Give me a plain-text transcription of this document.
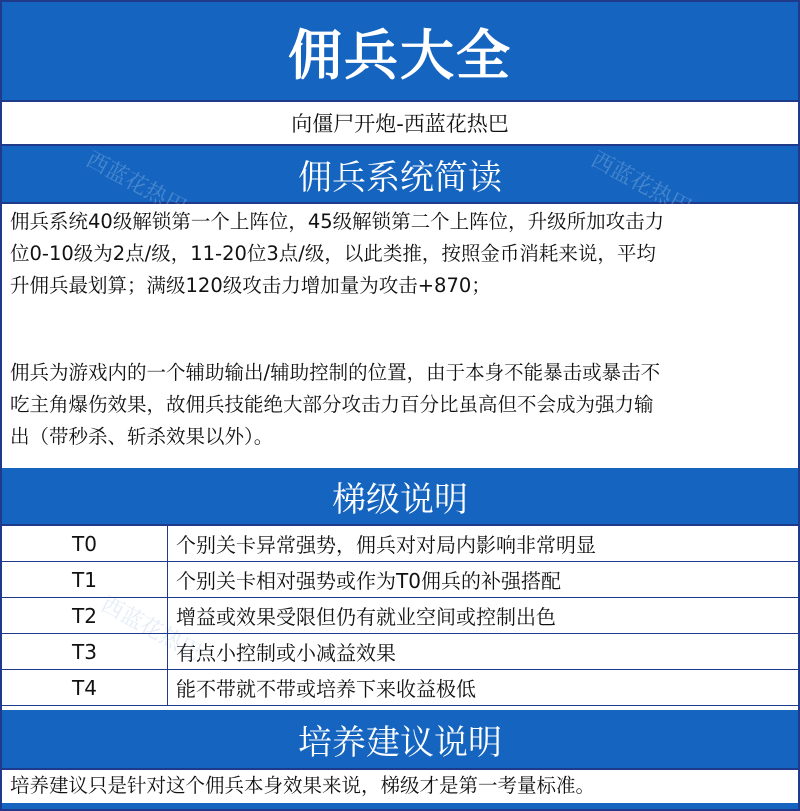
佣兵大全
向僵尸开炮-西蓝花热巴
佣兵系统简读
佣兵系统40级解锁第一个上阵位，45级解锁第二个上阵位，升级所加攻击力
位0-10级为2点/级，11-20位3点/级，以此类推，按照金币消耗来说，平均
升佣兵最划算；满级120级攻击力增加量为攻击+870；
佣兵为游戏内的一个辅助输出/辅助控制的位置，由于本身不能暴击或暴击不
吃主角爆伤效果，故佣兵技能绝大部分攻击力百分比虽高但不会成为强力输
出（带秒杀、斩杀效果以外）。
梯级说明
T0	个别关卡异常强势，佣兵对对局内影响非常明显
T1	个别关卡相对强势或作为T0佣兵的补强搭配
T2	增益或效果受限但仍有就业空间或控制出色
T3	有点小控制或小减益效果
T4	能不带就不带或培养下来收益极低
培养建议说明
培养建议只是针对这个佣兵本身效果来说，梯级才是第一考量标准。
西蓝花热巴	西蓝花热巴
西蓝花热巴
